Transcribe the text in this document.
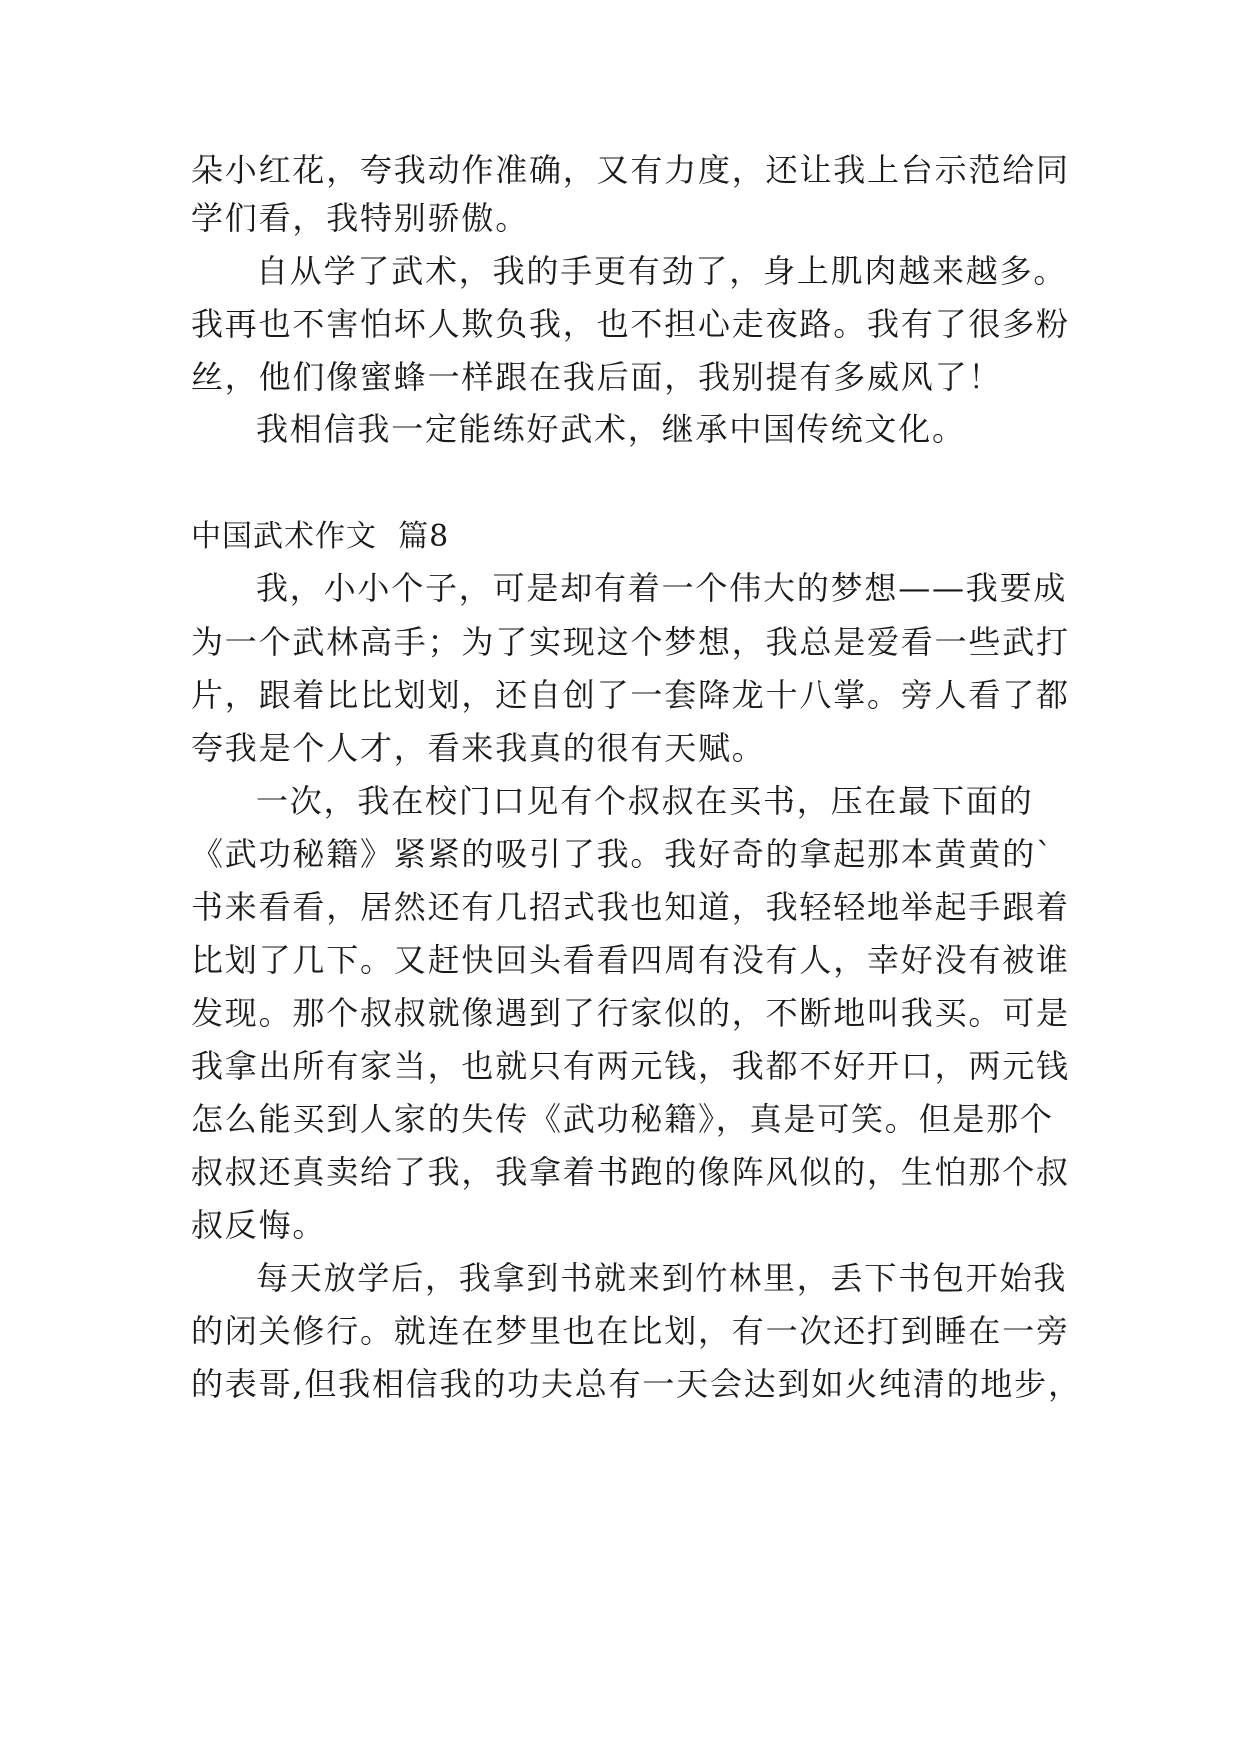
朵小红花，夸我动作准确，又有力度，还让我上台示范给同
学们看，我特别骄傲。
自从学了武术，我的手更有劲了，身上肌肉越来越多。
我再也不害怕坏人欺负我，也不担心走夜路。我有了很多粉
丝，他们像蜜蜂一样跟在我后面，我别提有多威风了！
我相信我一定能练好武术，继承中国传统文化。
中国武术作文  篇8
我，小小个子，可是却有着一个伟大的梦想——我要成
为一个武林高手；为了实现这个梦想，我总是爱看一些武打
片，跟着比比划划，还自创了一套降龙十八掌。旁人看了都
夸我是个人才，看来我真的很有天赋。
一次，我在校门口见有个叔叔在买书，压在最下面的
《武功秘籍》紧紧的吸引了我。我好奇的拿起那本黄黄的`
书来看看，居然还有几招式我也知道，我轻轻地举起手跟着
比划了几下。又赶快回头看看四周有没有人，幸好没有被谁
发现。那个叔叔就像遇到了行家似的，不断地叫我买。可是
我拿出所有家当，也就只有两元钱，我都不好开口，两元钱
怎么能买到人家的失传《武功秘籍》，真是可笑。但是那个
叔叔还真卖给了我，我拿着书跑的像阵风似的，生怕那个叔
叔反悔。
每天放学后，我拿到书就来到竹林里，丢下书包开始我
的闭关修行。就连在梦里也在比划，有一次还打到睡在一旁
的表哥,但我相信我的功夫总有一天会达到如火纯清的地步，
